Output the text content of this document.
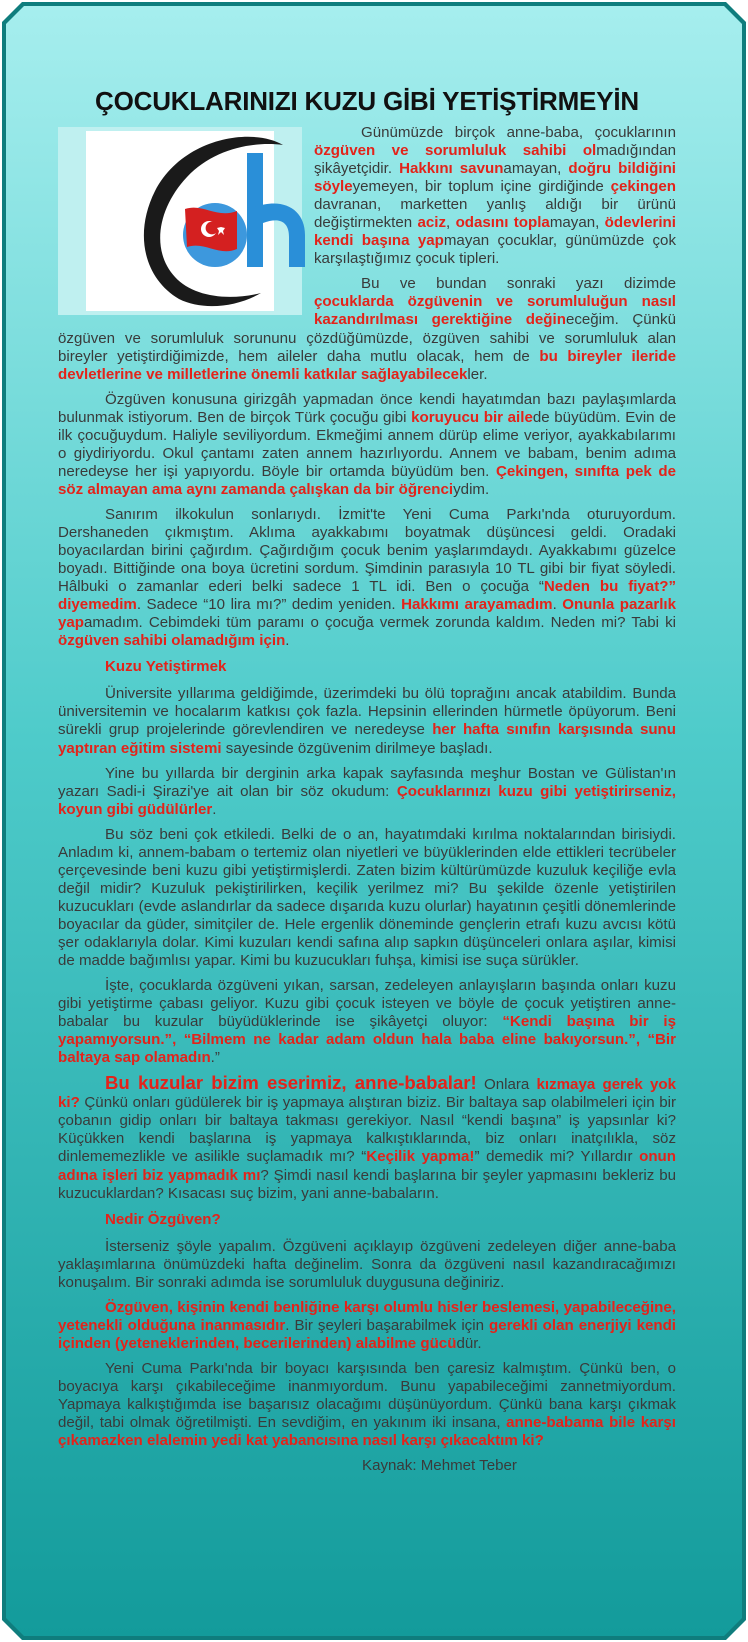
ÇOCUKLARINIZI KUZU GİBİ YETİŞTİRMEYİN

Günümüzde birçok anne-baba, çocuklarının özgüven ve sorumluluk sahibi olmadığından şikâyetçidir. Hakkını savunamayan, doğru bildiğini söyleyemeyen, bir toplum içine girdiğinde çekingen davranan, marketten yanlış aldığı bir ürünü değiştirmekten aciz, odasını toplamayan, ödevlerini kendi başına yapmayan çocuklar, günümüzde çok karşılaştığımız çocuk tipleri.

Bu ve bundan sonraki yazı dizimde çocuklarda özgüvenin ve sorumluluğun nasıl kazandırılması gerektiğine değineceğim. Çünkü özgüven ve sorumluluk sorununu çözdüğümüzde, özgüven sahibi ve sorumluluk alan bireyler yetiştirdiğimizde, hem aileler daha mutlu olacak, hem de bu bireyler ileride devletlerine ve milletlerine önemli katkılar sağlayabilecekler.

Özgüven konusuna girizgâh yapmadan önce kendi hayatımdan bazı paylaşımlarda bulunmak istiyorum. Ben de birçok Türk çocuğu gibi koruyucu bir ailede büyüdüm. Evin de ilk çocuğuydum. Haliyle seviliyordum. Ekmeğimi annem dürüp elime veriyor, ayakkabılarımı o giydiriyordu. Okul çantamı zaten annem hazırlıyordu. Annem ve babam, benim adıma neredeyse her işi yapıyordu. Böyle bir ortamda büyüdüm ben. Çekingen, sınıfta pek de söz almayan ama aynı zamanda çalışkan da bir öğrenciydim.

Sanırım ilkokulun sonlarıydı. İzmit'te Yeni Cuma Parkı'nda oturuyordum. Dershaneden çıkmıştım. Aklıma ayakkabımı boyatmak düşüncesi geldi. Oradaki boyacılardan birini çağırdım. Çağırdığım çocuk benim yaşlarımdaydı. Ayakkabımı güzelce boyadı. Bittiğinde ona boya ücretini sordum. Şimdinin parasıyla 10 TL gibi bir fiyat söyledi. Hâlbuki o zamanlar ederi belki sadece 1 TL idi. Ben o çocuğa “Neden bu fiyat?” diyemedim. Sadece “10 lira mı?” dedim yeniden. Hakkımı arayamadım. Onunla pazarlık yapamadım. Cebimdeki tüm paramı o çocuğa vermek zorunda kaldım. Neden mi? Tabi ki özgüven sahibi olamadığım için.

Kuzu Yetiştirmek

Üniversite yıllarıma geldiğimde, üzerimdeki bu ölü toprağını ancak atabildim. Bunda üniversitemin ve hocalarım katkısı çok fazla. Hepsinin ellerinden hürmetle öpüyorum. Beni sürekli grup projelerinde görevlendiren ve neredeyse her hafta sınıfın karşısında sunu yaptıran eğitim sistemi sayesinde özgüvenim dirilmeye başladı.

Yine bu yıllarda bir derginin arka kapak sayfasında meşhur Bostan ve Gülistan'ın yazarı Sadi-i Şirazi'ye ait olan bir söz okudum: Çocuklarınızı kuzu gibi yetiştirirseniz, koyun gibi güdülürler.

Bu söz beni çok etkiledi. Belki de o an, hayatımdaki kırılma noktalarından birisiydi. Anladım ki, annem-babam o tertemiz olan niyetleri ve büyüklerinden elde ettikleri tecrübeler çerçevesinde beni kuzu gibi yetiştirmişlerdi. Zaten bizim kültürümüzde kuzuluk keçiliğe evla değil midir? Kuzuluk pekiştirilirken, keçilik yerilmez mi? Bu şekilde özenle yetiştirilen kuzucukları (evde aslandırlar da sadece dışarıda kuzu olurlar) hayatının çeşitli dönemlerinde boyacılar da güder, simitçiler de. Hele ergenlik döneminde gençlerin etrafı kuzu avcısı kötü şer odaklarıyla dolar. Kimi kuzuları kendi safına alıp sapkın düşünceleri onlara aşılar, kimisi de madde bağımlısı yapar. Kimi bu kuzucukları fuhşa, kimisi ise suça sürükler.

İşte, çocuklarda özgüveni yıkan, sarsan, zedeleyen anlayışların başında onları kuzu gibi yetiştirme çabası geliyor. Kuzu gibi çocuk isteyen ve böyle de çocuk yetiştiren anne-babalar bu kuzular büyüdüklerinde ise şikâyetçi oluyor: “Kendi başına bir iş yapamıyorsun.”, “Bilmem ne kadar adam oldun hala baba eline bakıyorsun.”, “Bir baltaya sap olamadın.”

Bu kuzular bizim eserimiz, anne-babalar! Onlara kızmaya gerek yok ki? Çünkü onları güdülerek bir iş yapmaya alıştıran biziz. Bir baltaya sap olabilmeleri için bir çobanın gidip onları bir baltaya takması gerekiyor. Nasıl “kendi başına” iş yapsınlar ki? Küçükken kendi başlarına iş yapmaya kalkıştıklarında, biz onları inatçılıkla, söz dinlememezlikle ve asilikle suçlamadık mı? “Keçilik yapma!” demedik mi? Yıllardır onun adına işleri biz yapmadık mı? Şimdi nasıl kendi başlarına bir şeyler yapmasını bekleriz bu kuzucuklardan? Kısacası suç bizim, yani anne-babaların.

Nedir Özgüven?

İsterseniz şöyle yapalım. Özgüveni açıklayıp özgüveni zedeleyen diğer anne-baba yaklaşımlarına önümüzdeki hafta değinelim. Sonra da özgüveni nasıl kazandıracağımızı konuşalım. Bir sonraki adımda ise sorumluluk duygusuna değiniriz.

Özgüven, kişinin kendi benliğine karşı olumlu hisler beslemesi, yapabileceğine, yetenekli olduğuna inanmasıdır. Bir şeyleri başarabilmek için gerekli olan enerjiyi kendi içinden (yeteneklerinden, becerilerinden) alabilme gücüdür.

Yeni Cuma Parkı'nda bir boyacı karşısında ben çaresiz kalmıştım. Çünkü ben, o boyacıya karşı çıkabileceğime inanmıyordum. Bunu yapabileceğimi zannetmiyordum. Yapmaya kalkıştığımda ise başarısız olacağımı düşünüyordum. Çünkü bana karşı çıkmak değil, tabi olmak öğretilmişti. En sevdiğim, en yakınım iki insana, anne-babama bile karşı çıkamazken elalemin yedi kat yabancısına nasıl karşı çıkacaktım ki?

Kaynak: Mehmet Teber
